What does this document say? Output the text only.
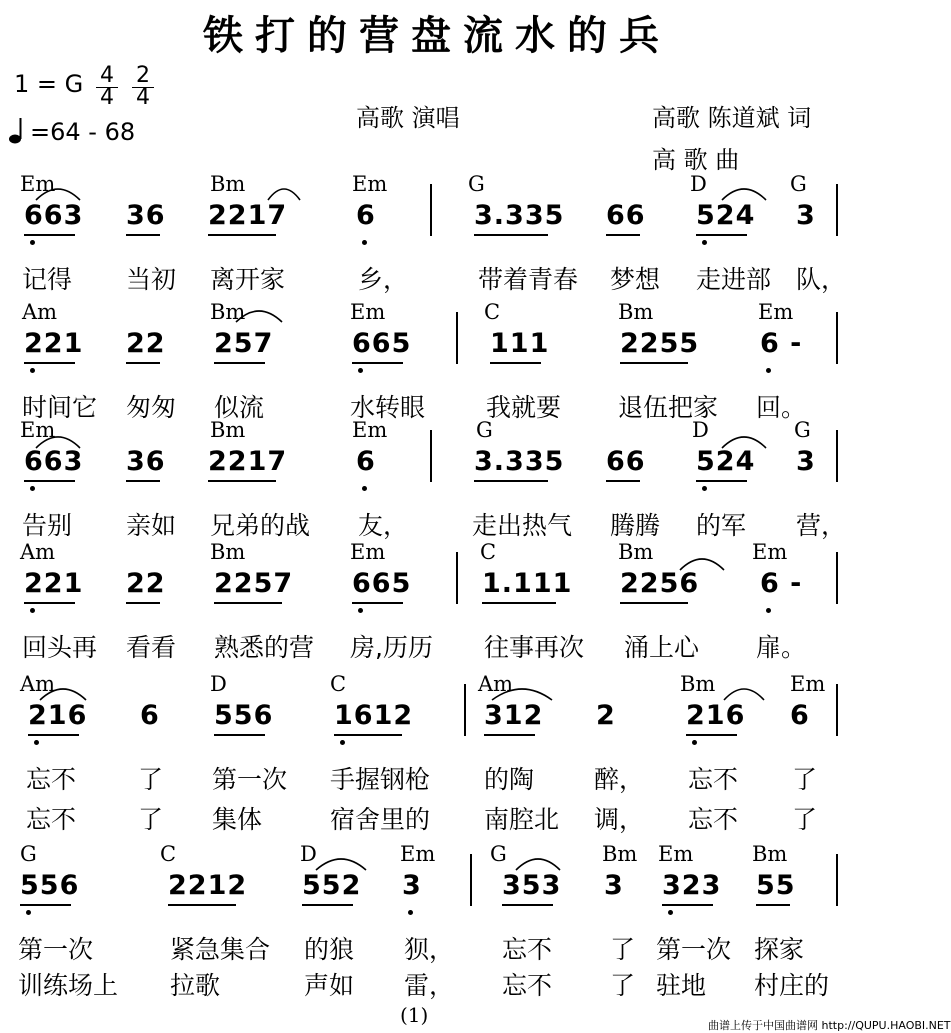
铁打的营盘流水的兵
1 = G 4
4
2
4
=64 - 68	高歌 演唱	高歌 陈道斌 词
高 歌 曲
Em	Bm	Em	G	D	G
663 36 2217	6	3.335 66 524 3
记得 当初 离开家	乡，	带着青春 梦想 走进部 队，
Am	Bm	Em	C	Bm	Em
221 22 257	665	111	2255 6 -
时间它 匆匆 似流	水转眼 我就要 退伍把家 回。
Em	Bm	Em	G	D	G
663 36 2217	6	3.335 66 524 3
告别 亲如 兄弟的战 友，	走出热气 腾腾 的军 营，
Am	Bm	Em	C	Bm	Em
221 22 2257 665	1.111 2256 6 -
回头再 看看 熟悉的营 房,历历 往事再次 涌上心 扉。
Am	D	C	Am	Bm	Em
216 6 556 1612	312 2	216 6
忘不 了 第一次 手握钢枪 的陶 醉， 忘不 了
忘不 了 集体	宿舍里的 南腔北 调， 忘不 了
G	C	D	Em	G	Bm Em	Bm
556	2212 552 3	353 3 323 55
第一次	紧急集合 的狼 狈， 忘不 了 第一次 探家
训练场上 拉歌	声如 雷， 忘不 了 驻地 村庄的
(1)	曲谱上传于中国曲谱网 http://QUPU.HAOBI.NET
